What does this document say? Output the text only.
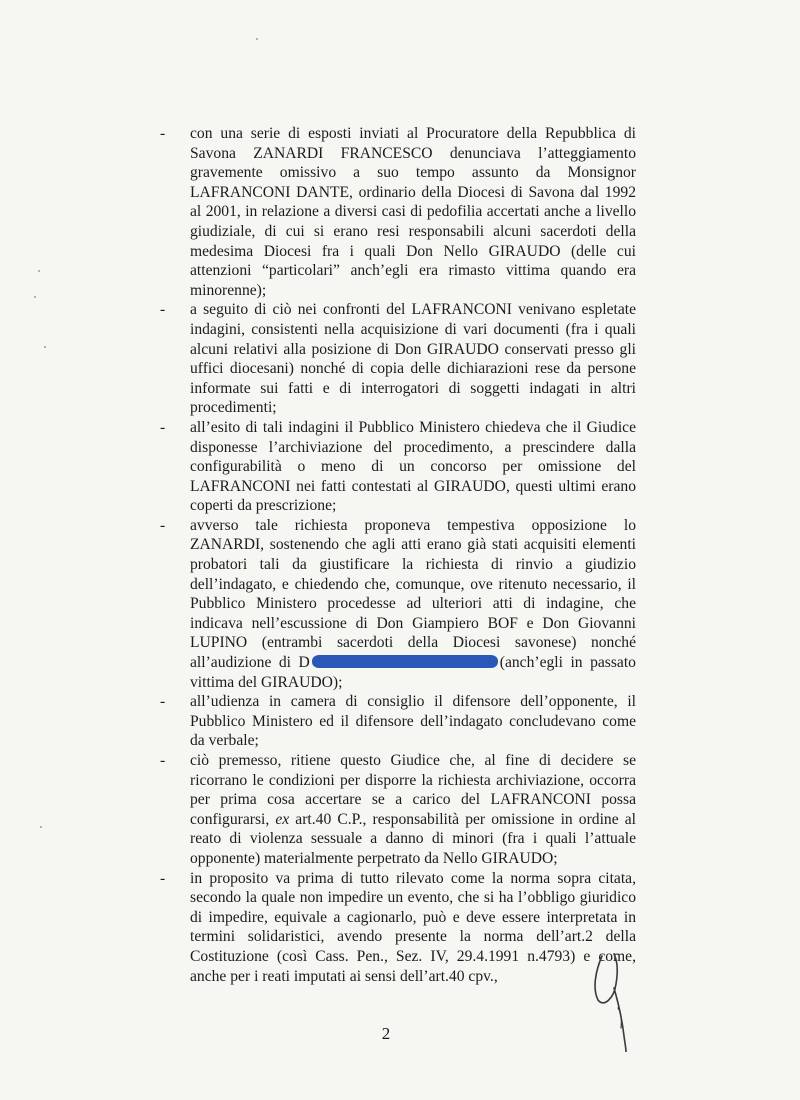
- con una serie di esposti inviati al Procuratore della Repubblica di Savona ZANARDI FRANCESCO denunciava l’atteggiamento gravemente omissivo a suo tempo assunto da Monsignor LAFRANCONI DANTE, ordinario della Diocesi di Savona dal 1992 al 2001, in relazione a diversi casi di pedofilia accertati anche a livello giudiziale, di cui si erano resi responsabili alcuni sacerdoti della medesima Diocesi fra i quali Don Nello GIRAUDO (delle cui attenzioni “particolari” anch’egli era rimasto vittima quando era minorenne);
- a seguito di ciò nei confronti del LAFRANCONI venivano espletate indagini, consistenti nella acquisizione di vari documenti (fra i quali alcuni relativi alla posizione di Don GIRAUDO conservati presso gli uffici diocesani) nonché di copia delle dichiarazioni rese da persone informate sui fatti e di interrogatori di soggetti indagati in altri procedimenti;
- all’esito di tali indagini il Pubblico Ministero chiedeva che il Giudice disponesse l’archiviazione del procedimento, a prescindere dalla configurabilità o meno di un concorso per omissione del LAFRANCONI nei fatti contestati al GIRAUDO, questi ultimi erano coperti da prescrizione;
- avverso tale richiesta proponeva tempestiva opposizione lo ZANARDI, sostenendo che agli atti erano già stati acquisiti elementi probatori tali da giustificare la richiesta di rinvio a giudizio dell’indagato, e chiedendo che, comunque, ove ritenuto necessario, il Pubblico Ministero procedesse ad ulteriori atti di indagine, che indicava nell’escussione di Don Giampiero BOF e Don Giovanni LUPINO (entrambi sacerdoti della Diocesi savonese) nonché all’audizione di D	(anch’egli in passato vittima del GIRAUDO);
- all’udienza in camera di consiglio il difensore dell’opponente, il Pubblico Ministero ed il difensore dell’indagato concludevano come da verbale;
- ciò premesso, ritiene questo Giudice che, al fine di decidere se ricorrano le condizioni per disporre la richiesta archiviazione, occorra per prima cosa accertare se a carico del LAFRANCONI possa configurarsi, ex art.40 C.P., responsabilità per omissione in ordine al reato di violenza sessuale a danno di minori (fra i quali l’attuale opponente) materialmente perpetrato da Nello GIRAUDO;
- in proposito va prima di tutto rilevato come la norma sopra citata, secondo la quale non impedire un evento, che si ha l’obbligo giuridico di impedire, equivale a cagionarlo, può e deve essere interpretata in termini solidaristici, avendo presente la norma dell’art.2 della Costituzione (così Cass. Pen., Sez. IV, 29.4.1991 n.4793) e come, anche per i reati imputati ai sensi dell’art.40 cpv.,
2
